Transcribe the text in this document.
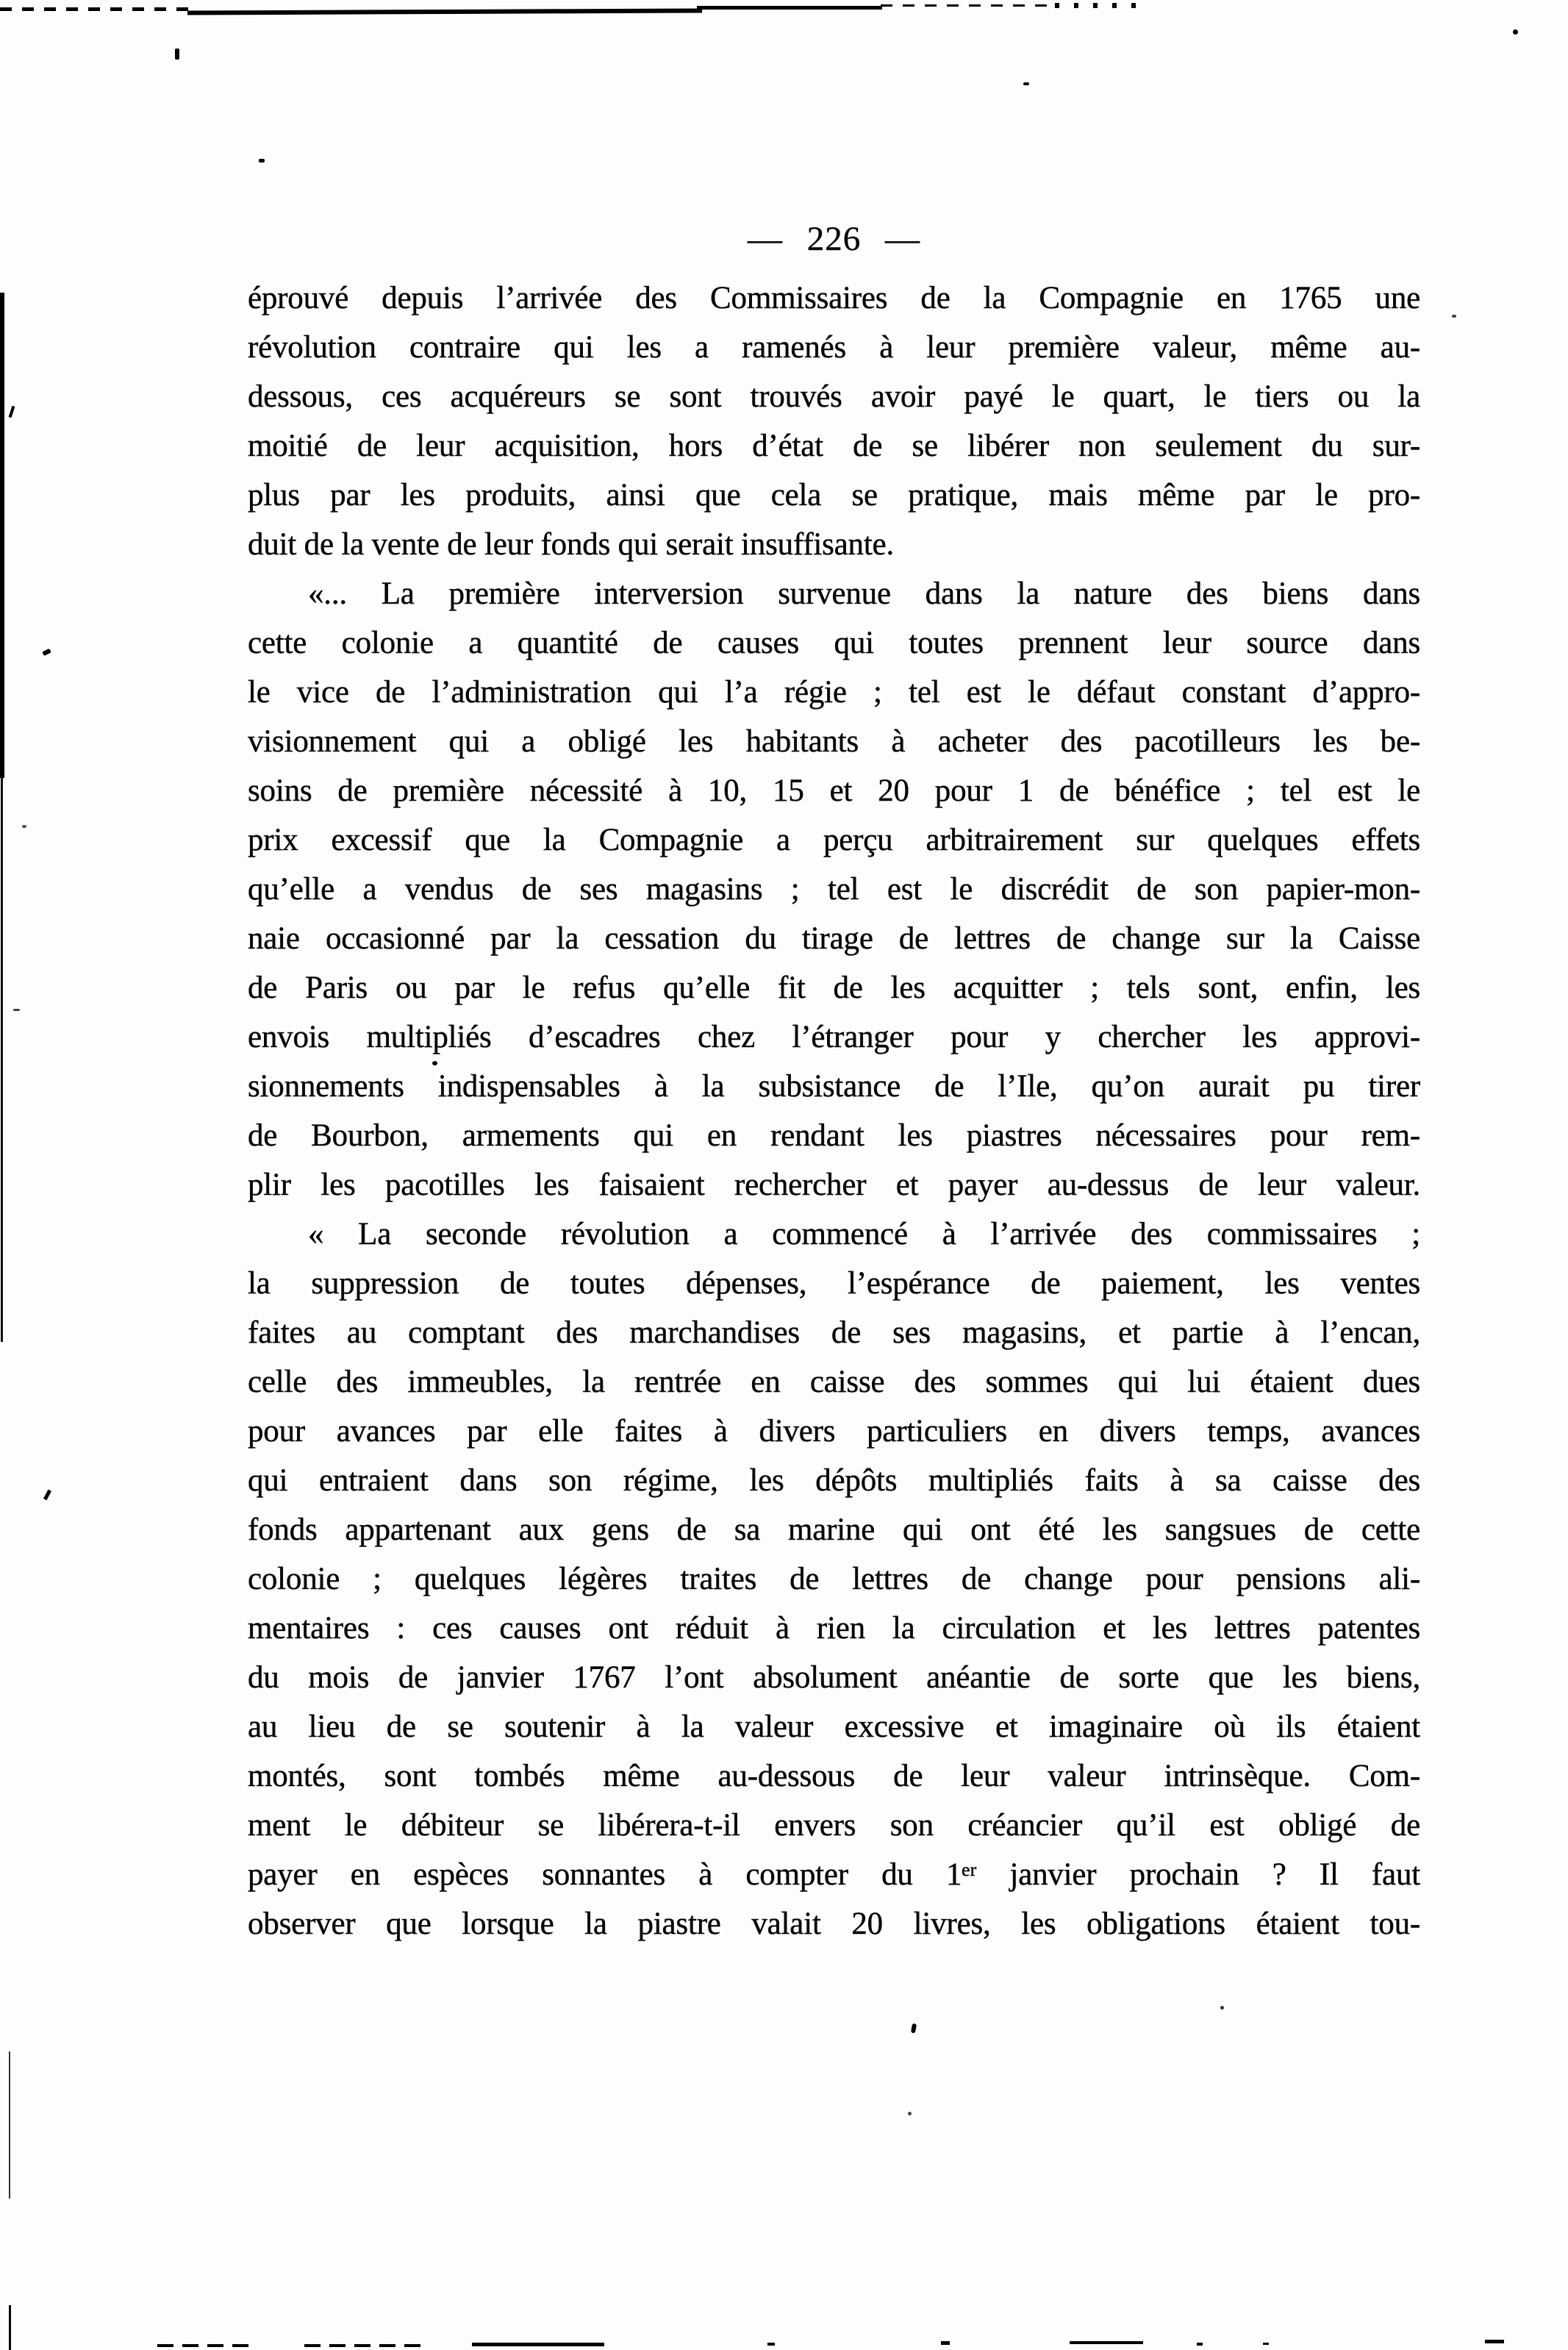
— 226 —
éprouvé depuis l’arrivée des Commissaires de la Compagnie en 1765 une
révolution contraire qui les a ramenés à leur première valeur, même au-
dessous, ces acquéreurs se sont trouvés avoir payé le quart, le tiers ou la
moitié de leur acquisition, hors d’état de se libérer non seulement du sur-
plus par les produits, ainsi que cela se pratique, mais même par le pro-
duit de la vente de leur fonds qui serait insuffisante.
«... La première interversion survenue dans la nature des biens dans
cette colonie a quantité de causes qui toutes prennent leur source dans
le vice de l’administration qui l’a régie ; tel est le défaut constant d’appro-
visionnement qui a obligé les habitants à acheter des pacotilleurs les be-
soins de première nécessité à 10, 15 et 20 pour 1 de bénéfice ; tel est le
prix excessif que la Compagnie a perçu arbitrairement sur quelques effets
qu’elle a vendus de ses magasins ; tel est le discrédit de son papier-mon-
naie occasionné par la cessation du tirage de lettres de change sur la Caisse
de Paris ou par le refus qu’elle fit de les acquitter ; tels sont, enfin, les
envois multipliés d’escadres chez l’étranger pour y chercher les approvi-
sionnements indispensables à la subsistance de l’Ile, qu’on aurait pu tirer
de Bourbon, armements qui en rendant les piastres nécessaires pour rem-
plir les pacotilles les faisaient rechercher et payer au-dessus de leur valeur.
« La seconde révolution a commencé à l’arrivée des commissaires ;
la suppression de toutes dépenses, l’espérance de paiement, les ventes
faites au comptant des marchandises de ses magasins, et partie à l’encan,
celle des immeubles, la rentrée en caisse des sommes qui lui étaient dues
pour avances par elle faites à divers particuliers en divers temps, avances
qui entraient dans son régime, les dépôts multipliés faits à sa caisse des
fonds appartenant aux gens de sa marine qui ont été les sangsues de cette
colonie ; quelques légères traites de lettres de change pour pensions ali-
mentaires : ces causes ont réduit à rien la circulation et les lettres patentes
du mois de janvier 1767 l’ont absolument anéantie de sorte que les biens,
au lieu de se soutenir à la valeur excessive et imaginaire où ils étaient
montés, sont tombés même au-dessous de leur valeur intrinsèque. Com-
ment le débiteur se libérera-t-il envers son créancier qu’il est obligé de
payer en espèces sonnantes à compter du 1ᵉʳ janvier prochain ? Il faut
observer que lorsque la piastre valait 20 livres, les obligations étaient tou-
